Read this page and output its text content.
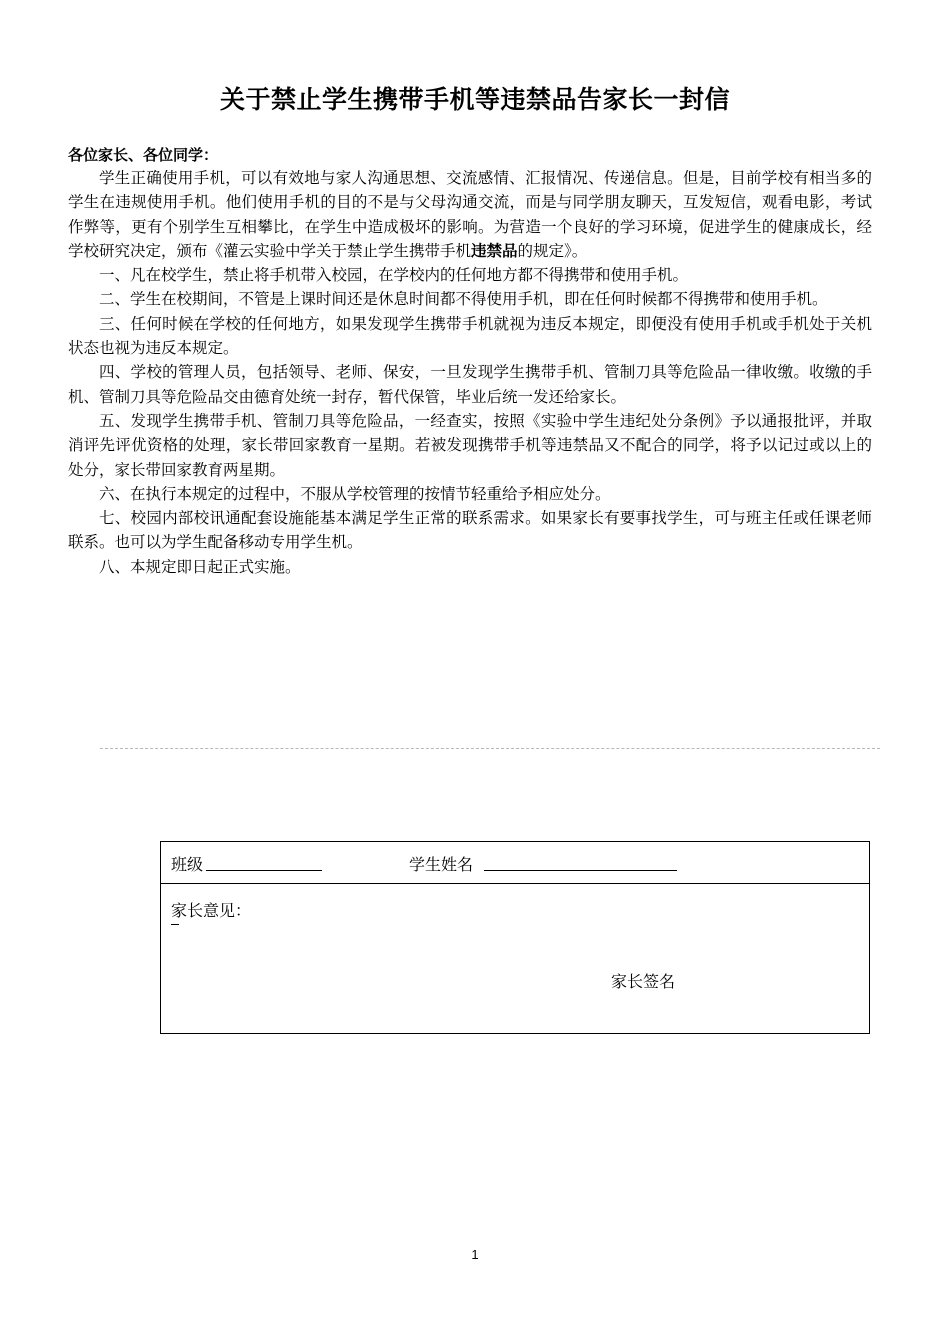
关于禁止学生携带手机等违禁品告家长一封信
各位家长、各位同学：

学生正确使用手机，可以有效地与家人沟通思想、交流感情、汇报情况、传递信息。但是，目前学校有相当多的学生在违规使用手机。他们使用手机的目的不是与父母沟通交流，而是与同学朋友聊天，互发短信，观看电影，考试作弊等，更有个别学生互相攀比，在学生中造成极坏的影响。为营造一个良好的学习环境，促进学生的健康成长，经学校研究决定，颁布《灌云实验中学关于禁止学生携带手机违禁品的规定》。

一、凡在校学生，禁止将手机带入校园，在学校内的任何地方都不得携带和使用手机。

二、学生在校期间，不管是上课时间还是休息时间都不得使用手机，即在任何时候都不得携带和使用手机。

三、任何时候在学校的任何地方，如果发现学生携带手机就视为违反本规定，即便没有使用手机或手机处于关机状态也视为违反本规定。

四、学校的管理人员，包括领导、老师、保安，一旦发现学生携带手机、管制刀具等危险品一律收缴。收缴的手机、管制刀具等危险品交由德育处统一封存，暂代保管，毕业后统一发还给家长。

五、发现学生携带手机、管制刀具等危险品，一经查实，按照《实验中学生违纪处分条例》予以通报批评，并取消评先评优资格的处理，家长带回家教育一星期。若被发现携带手机等违禁品又不配合的同学，将予以记过或以上的处分，家长带回家教育两星期。

六、在执行本规定的过程中，不服从学校管理的按情节轻重给予相应处分。

七、校园内部校讯通配套设施能基本满足学生正常的联系需求。如果家长有要事找学生，可与班主任或任课老师联系。也可以为学生配备移动专用学生机。

八、本规定即日起正式实施。

班级	学生姓名
家长意见：
家长签名
1
